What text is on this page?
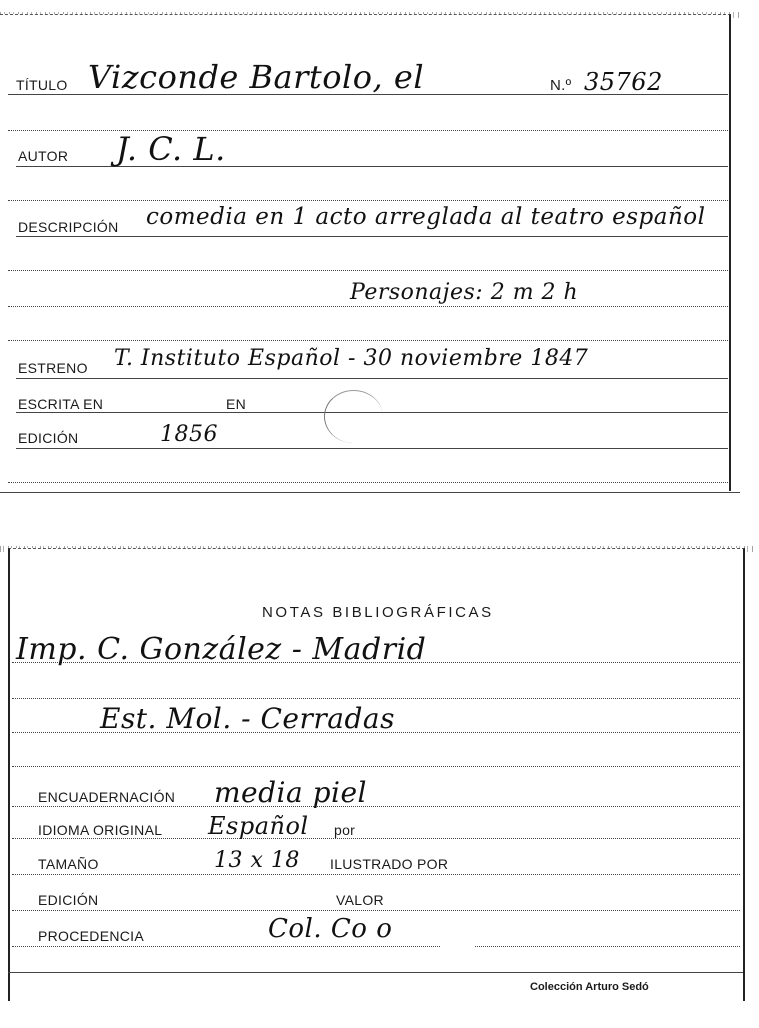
TÍTULO Vizconde Bartolo, el	N.º 35762
AUTOR J. C. L.
DESCRIPCIÓN comedia en 1 acto arreglada al teatro español
Personajes: 2 m 2 h
ESTRENO T. Instituto Español - 30 noviembre 1847
ESCRITA EN	EN
EDICIÓN	1856
NOTAS BIBLIOGRÁFICAS
Imp. C. González - Madrid
Est. Mol. - Cerradas
ENCUADERNACIÓN media piel
IDIOMA ORIGINAL Español por
TAMAÑO	13 x 18 ILUSTRADO POR
EDICIÓN	VALOR
PROCEDENCIA	Col. Co o
Colección Arturo Sedó
